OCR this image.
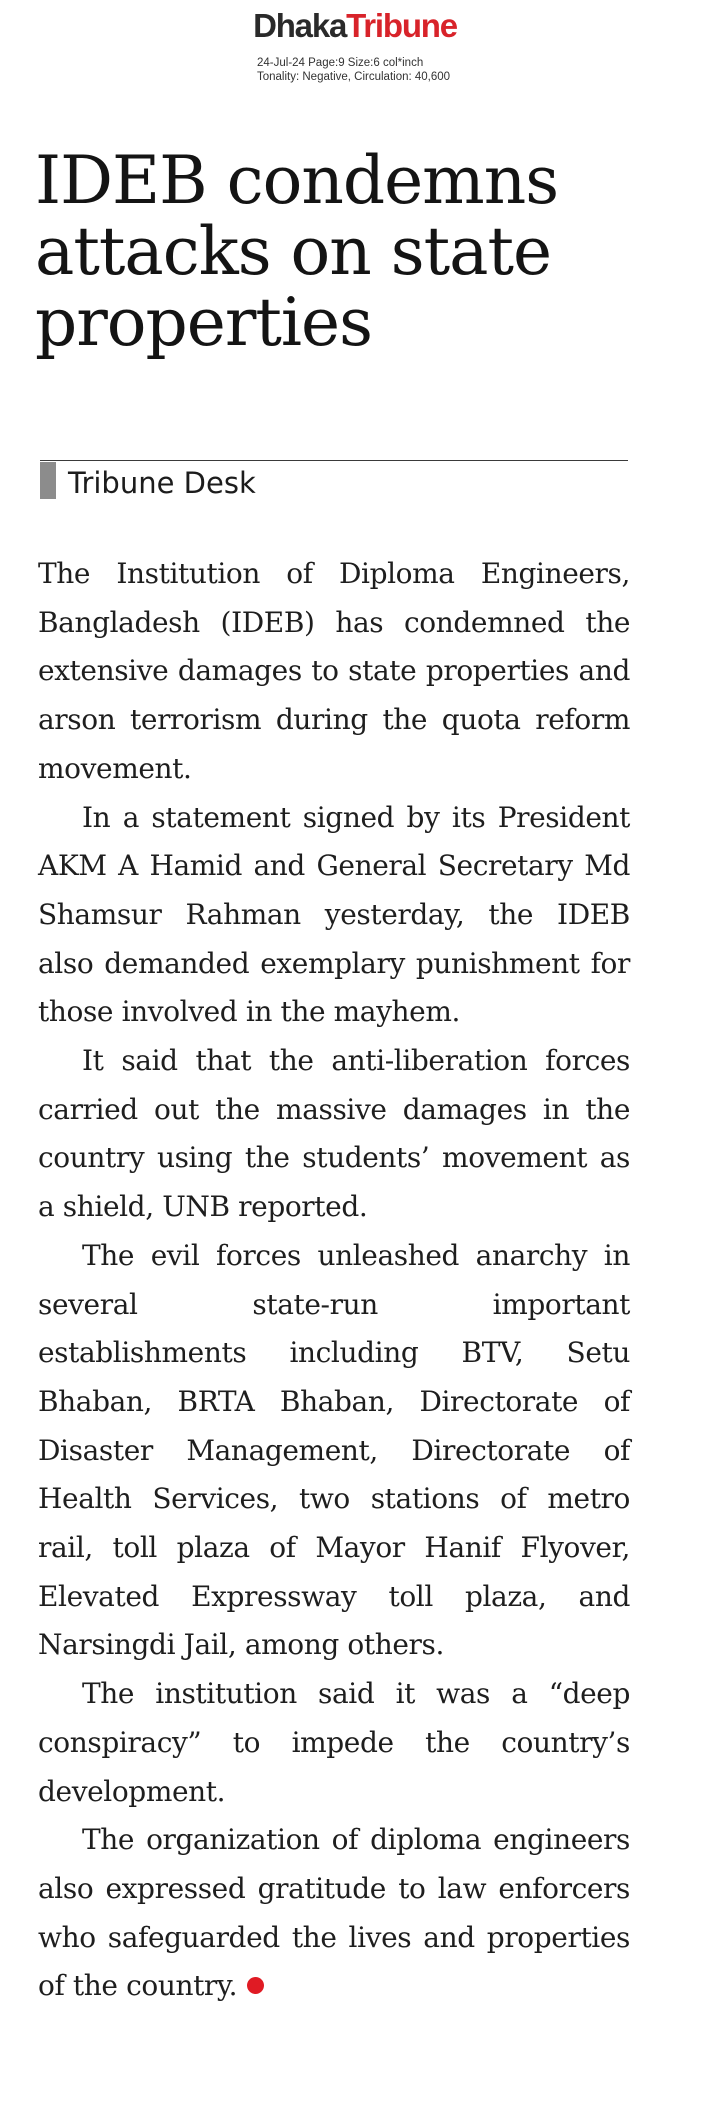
DhakaTribune
24-Jul-24 Page:9 Size:6 col*inch
Tonality: Negative, Circulation: 40,600
IDEB condemns attacks on state properties
Tribune Desk

The Institution of Diploma Engineers, Bangladesh (IDEB) has condemned the extensive damages to state properties and arson terrorism during the quota reform movement.

In a statement signed by its President AKM A Hamid and General Secretary Md Shamsur Rahman yesterday, the IDEB also demanded exemplary punishment for those involved in the mayhem.

It said that the anti-liberation forces carried out the massive damages in the country using the students’ movement as a shield, UNB reported.

The evil forces unleashed anarchy in several state-run important establishments including BTV, Setu Bhaban, BRTA Bhaban, Directorate of Disaster Management, Directorate of Health Services, two stations of metro rail, toll plaza of Mayor Hanif Flyover, Elevated Expressway toll plaza, and Narsingdi Jail, among others.

The institution said it was a “deep conspiracy” to impede the country’s development.

The organization of diploma engineers also expressed gratitude to law enforcers who safeguarded the lives and properties of the country.
